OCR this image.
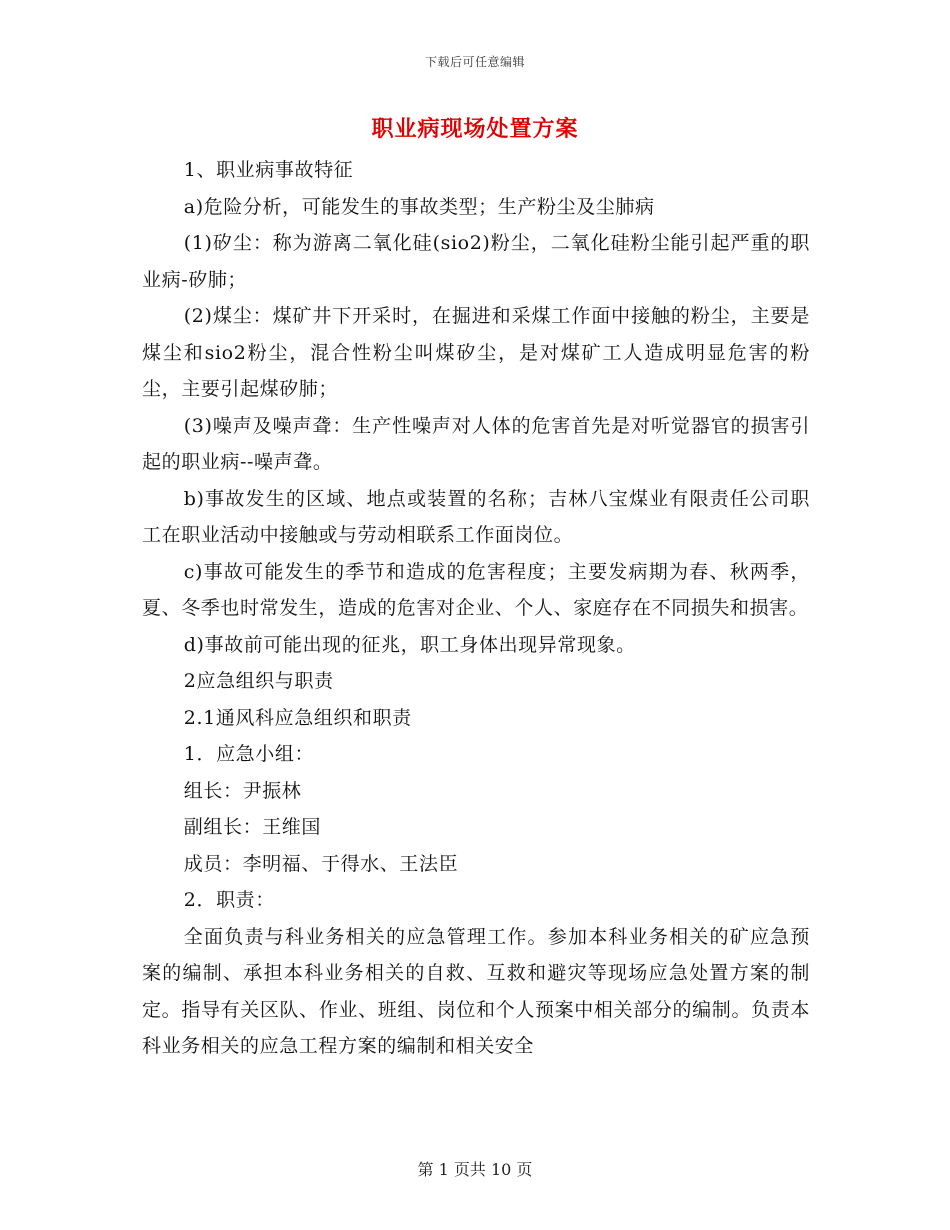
下载后可任意编辑
职业病现场处置方案

1、职业病事故特征

a)危险分析，可能发生的事故类型；生产粉尘及尘肺病

(1)矽尘：称为游离二氧化硅(sio2)粉尘，二氧化硅粉尘能引起严重的职业病-矽肺；

(2)煤尘：煤矿井下开采时，在掘进和采煤工作面中接触的粉尘，主要是煤尘和sio2粉尘，混合性粉尘叫煤矽尘，是对煤矿工人造成明显危害的粉尘，主要引起煤矽肺；

(3)噪声及噪声聋：生产性噪声对人体的危害首先是对听觉器官的损害引起的职业病--噪声聋。

b)事故发生的区域、地点或装置的名称；吉林八宝煤业有限责任公司职工在职业活动中接触或与劳动相联系工作面岗位。

c)事故可能发生的季节和造成的危害程度；主要发病期为春、秋两季，夏、冬季也时常发生，造成的危害对企业、个人、家庭存在不同损失和损害。

d)事故前可能出现的征兆，职工身体出现异常现象。

2应急组织与职责

2.1通风科应急组织和职责

1．应急小组：

组长：尹振林

副组长：王维国

成员：李明福、于得水、王法臣

2．职责：

全面负责与科业务相关的应急管理工作。参加本科业务相关的矿应急预案的编制、承担本科业务相关的自救、互救和避灾等现场应急处置方案的制定。指导有关区队、作业、班组、岗位和个人预案中相关部分的编制。负责本科业务相关的应急工程方案的编制和相关安全

第 1 页共 10 页
